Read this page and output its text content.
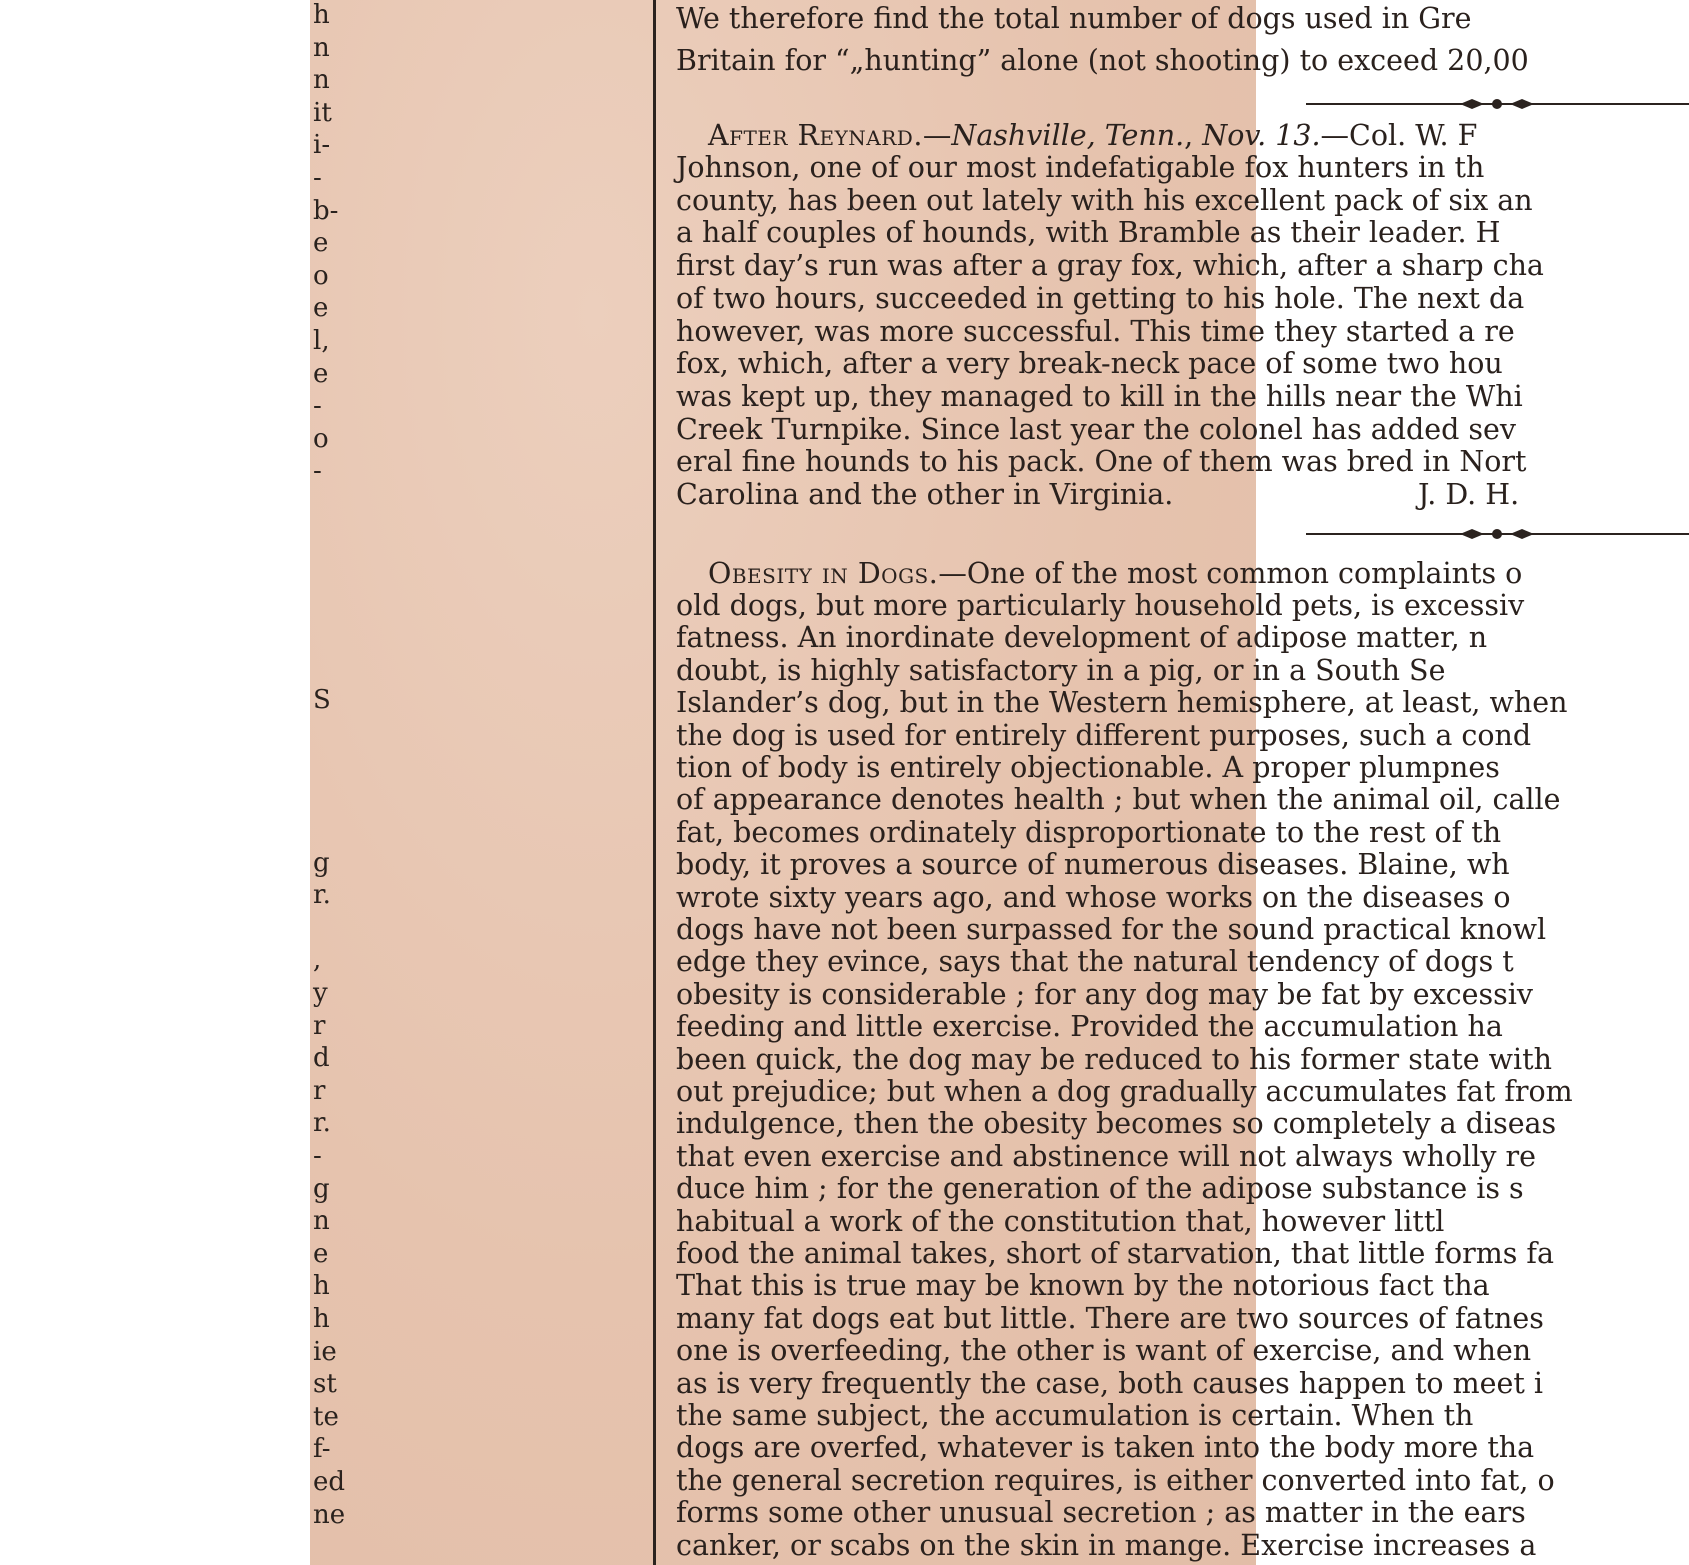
h
n
n
it
i-
-
b-
e
o
e
l,
e
-
o
-
S
g
r.
,
y
r
d
r
r.
-
g
n
e
h
h
ie
st
te
f-
ed
ne
We therefore find the total number of dogs used in Gre
Britain for “„hunting” alone (not shooting) to exceed 20,00
After Reynard.—Nashville, Tenn., Nov. 13.—Col. W. F
J. D. H.
Obesity in Dogs.—One of the most common complaints o
Johnson, one of our most indefatigable fox hunters in th
county, has been out lately with his excellent pack of six an
a half couples of hounds, with Bramble as their leader. H
first day’s run was after a gray fox, which, after a sharp cha
of two hours, succeeded in getting to his hole. The next da
however, was more successful. This time they started a re
fox, which, after a very break-neck pace of some two hou
was kept up, they managed to kill in the hills near the Whi
Creek Turnpike. Since last year the colonel has added sev
eral fine hounds to his pack. One of them was bred in Nort
Carolina and the other in Virginia.
old dogs, but more particularly household pets, is excessiv
fatness. An inordinate development of adipose matter, n
doubt, is highly satisfactory in a pig, or in a South Se
Islander’s dog, but in the Western hemisphere, at least, when
the dog is used for entirely different purposes, such a cond
tion of body is entirely objectionable. A proper plumpnes
of appearance denotes health ; but when the animal oil, calle
fat, becomes ordinately disproportionate to the rest of th
body, it proves a source of numerous diseases. Blaine, wh
wrote sixty years ago, and whose works on the diseases o
dogs have not been surpassed for the sound practical knowl
edge they evince, says that the natural tendency of dogs t
obesity is considerable ; for any dog may be fat by excessiv
feeding and little exercise. Provided the accumulation ha
been quick, the dog may be reduced to his former state with
out prejudice; but when a dog gradually accumulates fat from
indulgence, then the obesity becomes so completely a diseas
that even exercise and abstinence will not always wholly re
duce him ; for the generation of the adipose substance is s
habitual a work of the constitution that, however littl
food the animal takes, short of starvation, that little forms fa
That this is true may be known by the notorious fact tha
many fat dogs eat but little. There are two sources of fatnes
one is overfeeding, the other is want of exercise, and when
as is very frequently the case, both causes happen to meet i
the same subject, the accumulation is certain. When th
dogs are overfed, whatever is taken into the body more tha
the general secretion requires, is either converted into fat, o
forms some other unusual secretion ; as matter in the ears
canker, or scabs on the skin in mange. Exercise increases a
